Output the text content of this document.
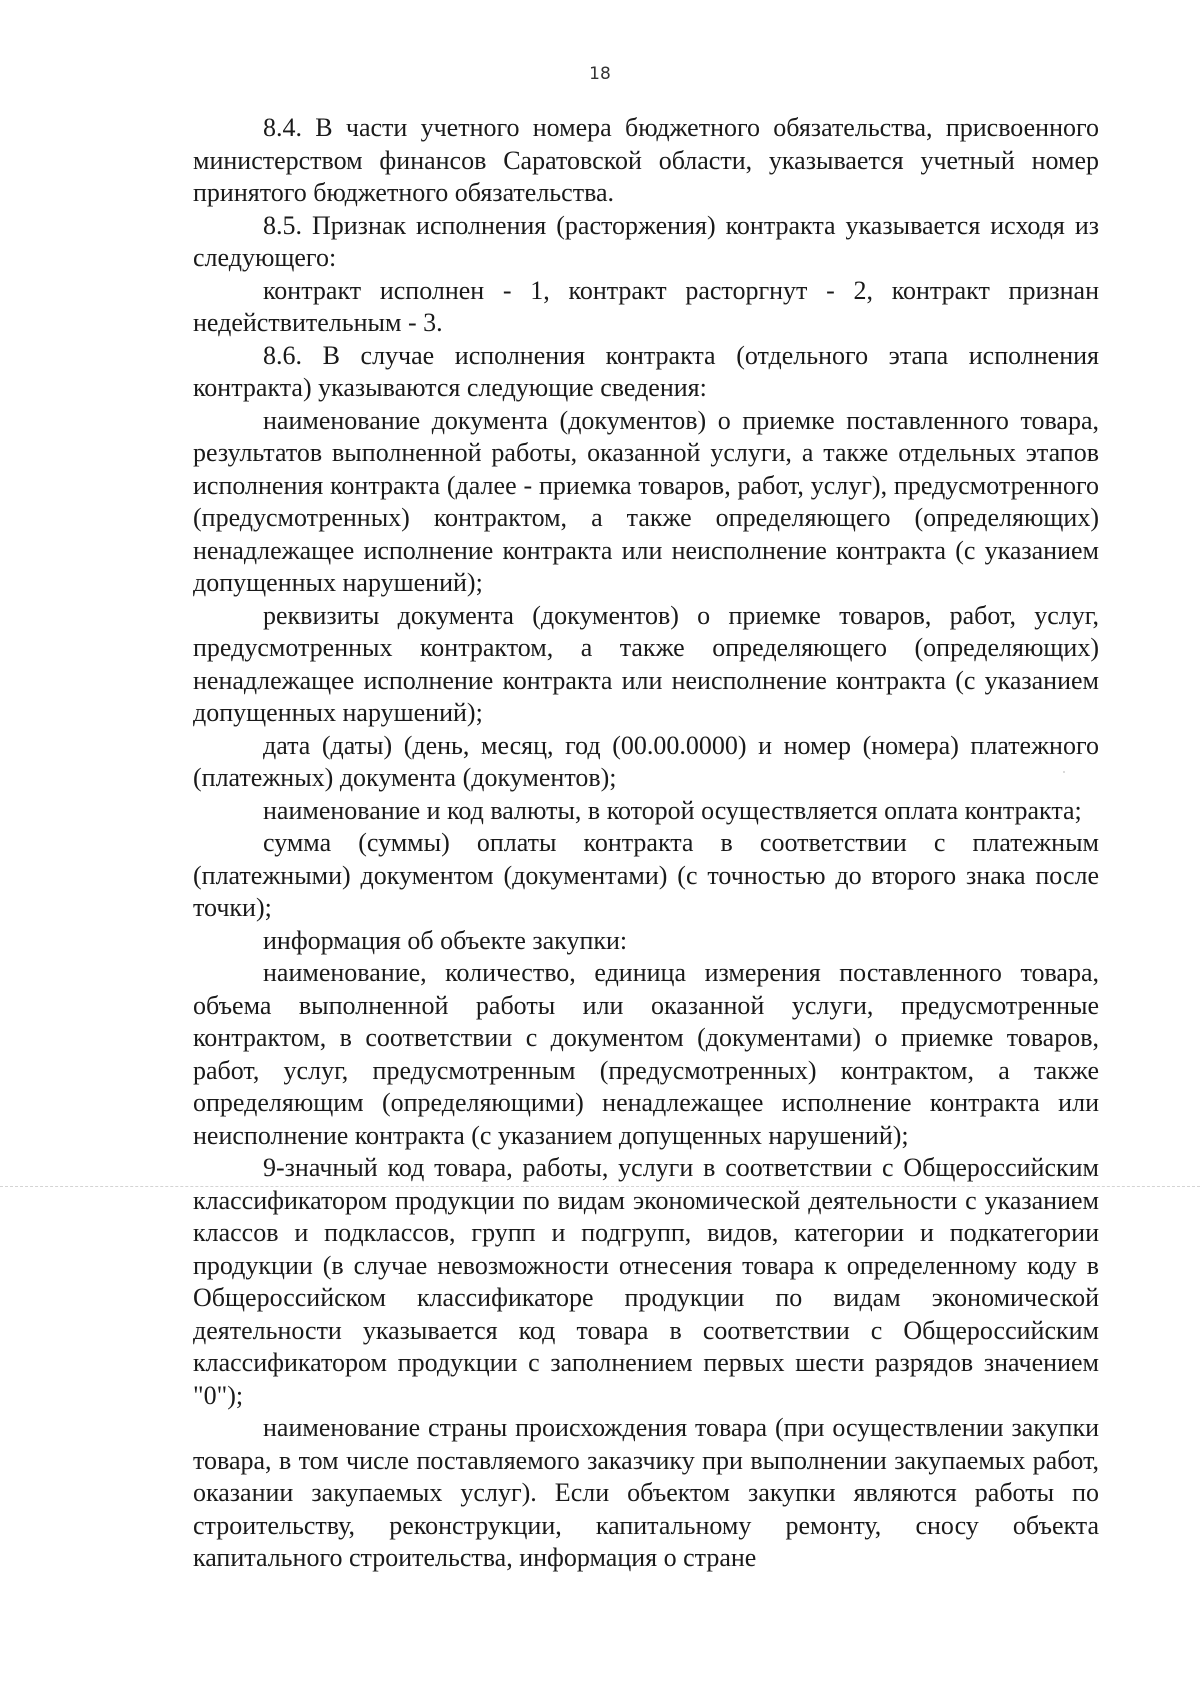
18

8.4. В части учетного номера бюджетного обязательства, присвоенного министерством финансов Саратовской области, указывается учетный номер принятого бюджетного обязательства.

8.5. Признак исполнения (расторжения) контракта указывается исходя из следующего:

контракт исполнен - 1, контракт расторгнут - 2, контракт признан недействительным - 3.

8.6. В случае исполнения контракта (отдельного этапа исполнения контракта) указываются следующие сведения:

наименование документа (документов) о приемке поставленного товара, результатов выполненной работы, оказанной услуги, а также отдельных этапов исполнения контракта (далее - приемка товаров, работ, услуг), предусмотренного (предусмотренных) контрактом, а также определяющего (определяющих) ненадлежащее исполнение контракта или неисполнение контракта (с указанием допущенных нарушений);

реквизиты документа (документов) о приемке товаров, работ, услуг, предусмотренных контрактом, а также определяющего (определяющих) ненадлежащее исполнение контракта или неисполнение контракта (с указанием допущенных нарушений);

дата (даты) (день, месяц, год (00.00.0000) и номер (номера) платежного (платежных) документа (документов);

наименование и код валюты, в которой осуществляется оплата контракта;

сумма (суммы) оплаты контракта в соответствии с платежным (платежными) документом (документами) (с точностью до второго знака после точки);

информация об объекте закупки:

наименование, количество, единица измерения поставленного товара, объема выполненной работы или оказанной услуги, предусмотренные контрактом, в соответствии с документом (документами) о приемке товаров, работ, услуг, предусмотренным (предусмотренных) контрактом, а также определяющим (определяющими) ненадлежащее исполнение контракта или неисполнение контракта (с указанием допущенных нарушений);

9-значный код товара, работы, услуги в соответствии с Общероссийским классификатором продукции по видам экономической деятельности с указанием классов и подклассов, групп и подгрупп, видов, категории и подкатегории продукции (в случае невозможности отнесения товара к определенному коду в Общероссийском классификаторе продукции по видам экономической деятельности указывается код товара в соответствии с Общероссийским классификатором продукции с заполнением первых шести разрядов значением "0");

наименование страны происхождения товара (при осуществлении закупки товара, в том числе поставляемого заказчику при выполнении закупаемых работ, оказании закупаемых услуг). Если объектом закупки являются работы по строительству, реконструкции, капитальному ремонту, сносу объекта капитального строительства, информация о стране
